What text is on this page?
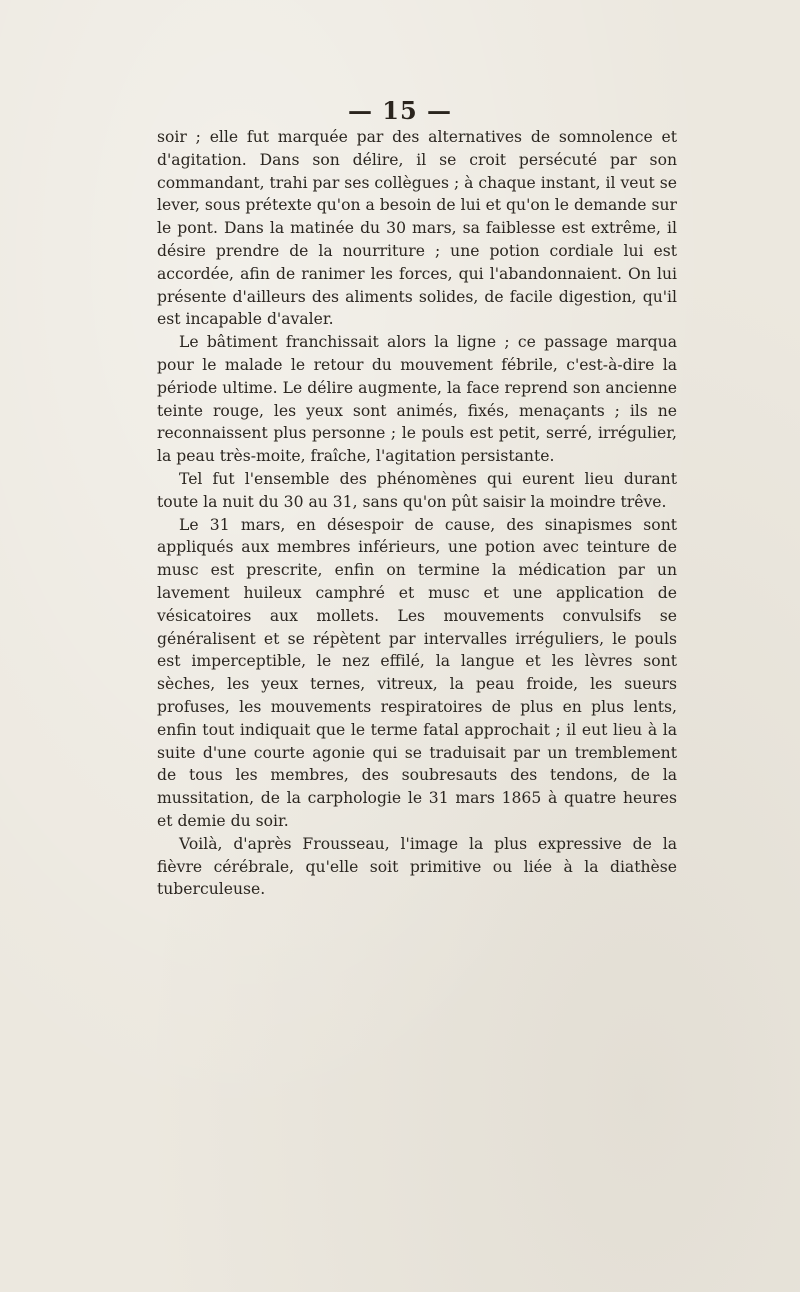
— 15 —

soir ; elle fut marquée par des alternatives de somnolence et d'agitation. Dans son délire, il se croit persécuté par son commandant, trahi par ses collègues ; à chaque instant, il veut se lever, sous prétexte qu'on a besoin de lui et qu'on le demande sur le pont. Dans la matinée du 30 mars, sa faiblesse est extrême, il désire prendre de la nourriture ; une potion cordiale lui est accordée, afin de ranimer les forces, qui l'abandonnaient. On lui présente d'ailleurs des aliments solides, de facile digestion, qu'il est incapable d'avaler.

Le bâtiment franchissait alors la ligne ; ce passage marqua pour le malade le retour du mouvement fébrile, c'est-à-dire la période ultime. Le délire augmente, la face reprend son ancienne teinte rouge, les yeux sont animés, fixés, menaçants ; ils ne reconnaissent plus personne ; le pouls est petit, serré, irrégulier, la peau très-moite, fraîche, l'agitation persistante.

Tel fut l'ensemble des phénomènes qui eurent lieu durant toute la nuit du 30 au 31, sans qu'on pût saisir la moindre trêve.

Le 31 mars, en désespoir de cause, des sinapismes sont appliqués aux membres inférieurs, une potion avec teinture de musc est prescrite, enfin on termine la médication par un lavement huileux camphré et musc et une application de vésicatoires aux mollets. Les mouvements convulsifs se généralisent et se répètent par intervalles irréguliers, le pouls est imperceptible, le nez effilé, la langue et les lèvres sont sèches, les yeux ternes, vitreux, la peau froide, les sueurs profuses, les mouvements respiratoires de plus en plus lents, enfin tout indiquait que le terme fatal approchait ; il eut lieu à la suite d'une courte agonie qui se traduisait par un tremblement de tous les membres, des soubresauts des tendons, de la mussitation, de la carphologie le 31 mars 1865 à quatre heures et demie du soir.

Voilà, d'après Frousseau, l'image la plus expressive de la fièvre cérébrale, qu'elle soit primitive ou liée à la diathèse tuberculeuse.
